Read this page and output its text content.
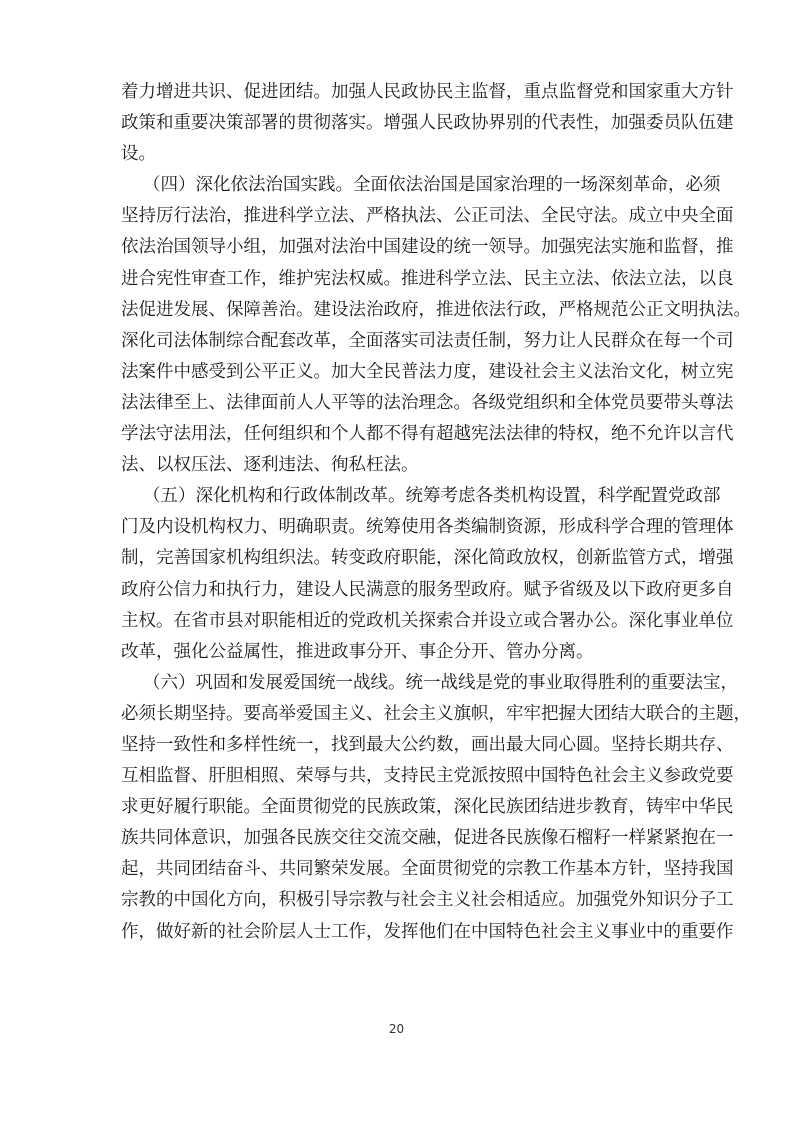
着力增进共识、促进团结。加强人民政协民主监督，重点监督党和国家重大方针
政策和重要决策部署的贯彻落实。增强人民政协界别的代表性，加强委员队伍建
设。
（四）深化依法治国实践。全面依法治国是国家治理的一场深刻革命，必须
坚持厉行法治，推进科学立法、严格执法、公正司法、全民守法。成立中央全面
依法治国领导小组，加强对法治中国建设的统一领导。加强宪法实施和监督，推
进合宪性审查工作，维护宪法权威。推进科学立法、民主立法、依法立法，以良
法促进发展、保障善治。建设法治政府，推进依法行政，严格规范公正文明执法。
深化司法体制综合配套改革，全面落实司法责任制，努力让人民群众在每一个司
法案件中感受到公平正义。加大全民普法力度，建设社会主义法治文化，树立宪
法法律至上、法律面前人人平等的法治理念。各级党组织和全体党员要带头尊法
学法守法用法，任何组织和个人都不得有超越宪法法律的特权，绝不允许以言代
法、以权压法、逐利违法、徇私枉法。
（五）深化机构和行政体制改革。统筹考虑各类机构设置，科学配置党政部
门及内设机构权力、明确职责。统筹使用各类编制资源，形成科学合理的管理体
制，完善国家机构组织法。转变政府职能，深化简政放权，创新监管方式，增强
政府公信力和执行力，建设人民满意的服务型政府。赋予省级及以下政府更多自
主权。在省市县对职能相近的党政机关探索合并设立或合署办公。深化事业单位
改革，强化公益属性，推进政事分开、事企分开、管办分离。
（六）巩固和发展爱国统一战线。统一战线是党的事业取得胜利的重要法宝，
必须长期坚持。要高举爱国主义、社会主义旗帜，牢牢把握大团结大联合的主题，
坚持一致性和多样性统一，找到最大公约数，画出最大同心圆。坚持长期共存、
互相监督、肝胆相照、荣辱与共，支持民主党派按照中国特色社会主义参政党要
求更好履行职能。全面贯彻党的民族政策，深化民族团结进步教育，铸牢中华民
族共同体意识，加强各民族交往交流交融，促进各民族像石榴籽一样紧紧抱在一
起，共同团结奋斗、共同繁荣发展。全面贯彻党的宗教工作基本方针，坚持我国
宗教的中国化方向，积极引导宗教与社会主义社会相适应。加强党外知识分子工
作，做好新的社会阶层人士工作，发挥他们在中国特色社会主义事业中的重要作
20
